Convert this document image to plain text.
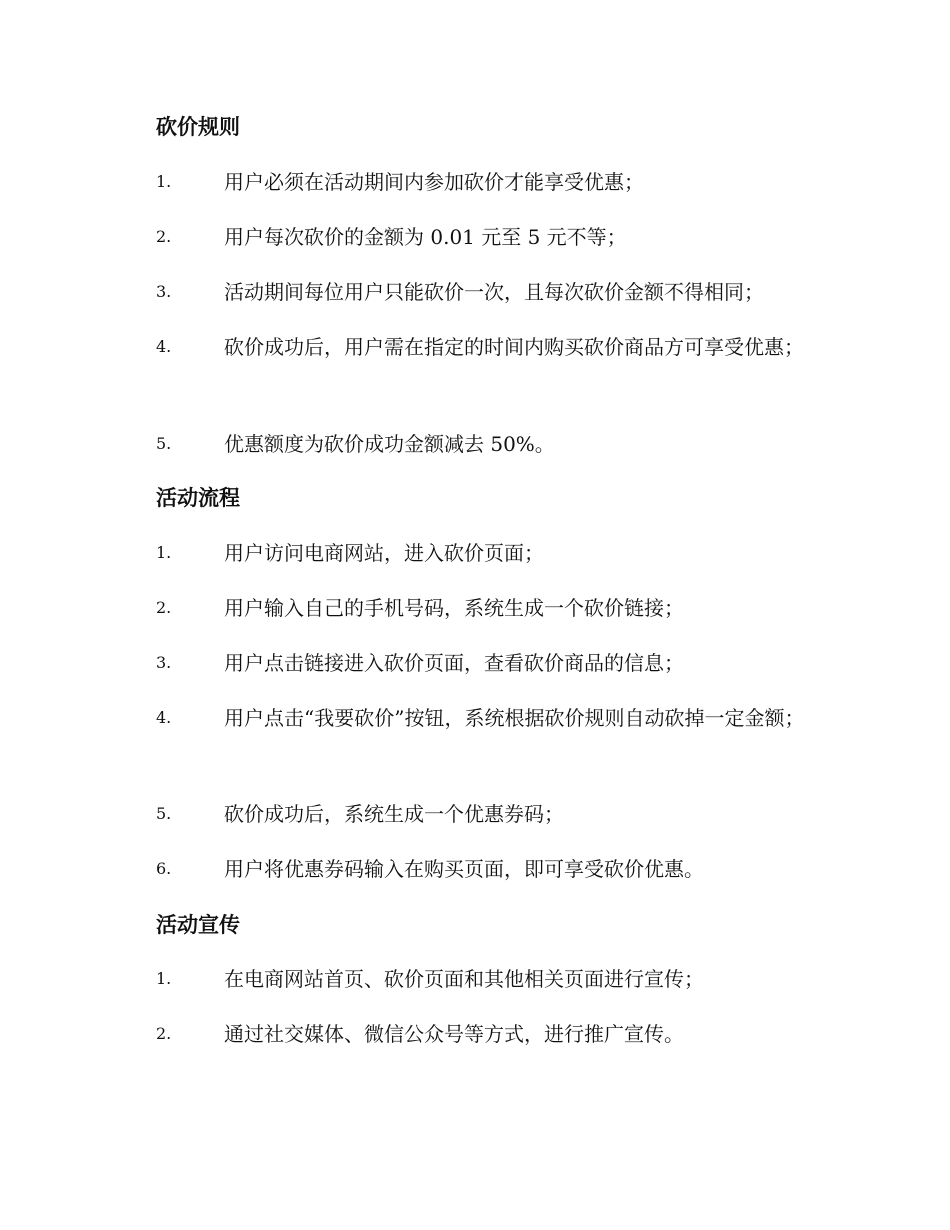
砍价规则
1.	用户必须在活动期间内参加砍价才能享受优惠；
2.	用户每次砍价的金额为 0.01 元至 5 元不等；
3.	活动期间每位用户只能砍价一次，且每次砍价金额不得相同；
4.	砍价成功后，用户需在指定的时间内购买砍价商品方可享受优惠；
5.	优惠额度为砍价成功金额减去 50%。
活动流程
1.	用户访问电商网站，进入砍价页面；
2.	用户输入自己的手机号码，系统生成一个砍价链接；
3.	用户点击链接进入砍价页面，查看砍价商品的信息；
4.	用户点击“我要砍价”按钮，系统根据砍价规则自动砍掉一定金额；
5.	砍价成功后，系统生成一个优惠券码；
6.	用户将优惠券码输入在购买页面，即可享受砍价优惠。
活动宣传
1.	在电商网站首页、砍价页面和其他相关页面进行宣传；
2.	通过社交媒体、微信公众号等方式，进行推广宣传。
